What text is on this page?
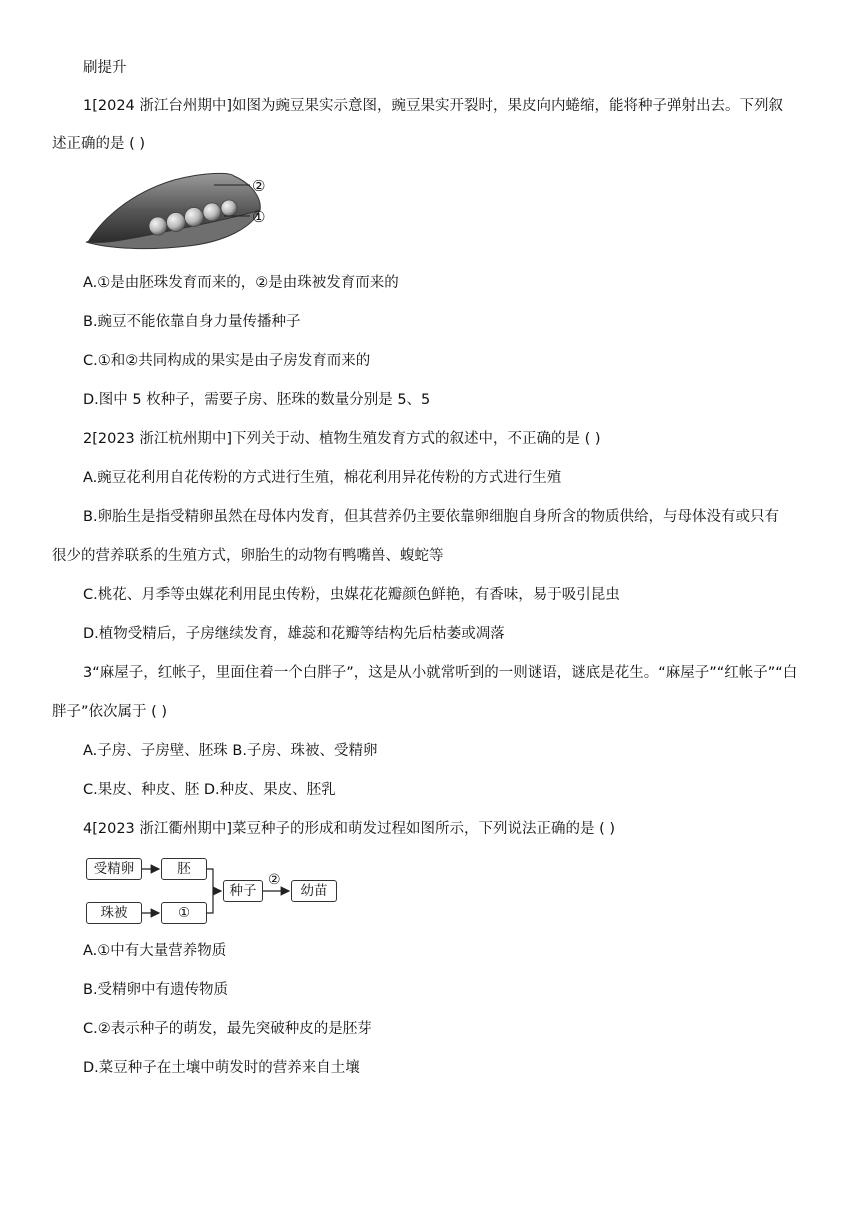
刷提升
1[2024 浙江台州期中]如图为豌豆果实示意图，豌豆果实开裂时，果皮向内蜷缩，能将种子弹射出去。下列叙
述正确的是 ( )
②
①
A.①是由胚珠发育而来的，②是由珠被发育而来的
B.豌豆不能依靠自身力量传播种子
C.①和②共同构成的果实是由子房发育而来的
D.图中 5 枚种子，需要子房、胚珠的数量分别是 5、5
2[2023 浙江杭州期中]下列关于动、植物生殖发育方式的叙述中，不正确的是 ( )
A.豌豆花利用自花传粉的方式进行生殖，棉花利用异花传粉的方式进行生殖
B.卵胎生是指受精卵虽然在母体内发育，但其营养仍主要依靠卵细胞自身所含的物质供给，与母体没有或只有
很少的营养联系的生殖方式，卵胎生的动物有鸭嘴兽、蝮蛇等
C.桃花、月季等虫媒花利用昆虫传粉，虫媒花花瓣颜色鲜艳，有香味，易于吸引昆虫
D.植物受精后，子房继续发育，雄蕊和花瓣等结构先后枯萎或凋落
3“麻屋子，红帐子，里面住着一个白胖子”，这是从小就常听到的一则谜语，谜底是花生。“麻屋子”“红帐子”“白
胖子”依次属于 ( )
A.子房、子房壁、胚珠 B.子房、珠被、受精卵
C.果皮、种皮、胚 D.种皮、果皮、胚乳
4[2023 浙江衢州期中]菜豆种子的形成和萌发过程如图所示，下列说法正确的是 ( )
受精卵	胚
珠被	①
种子
②
幼苗
A.①中有大量营养物质
B.受精卵中有遗传物质
C.②表示种子的萌发，最先突破种皮的是胚芽
D.菜豆种子在土壤中萌发时的营养来自土壤
